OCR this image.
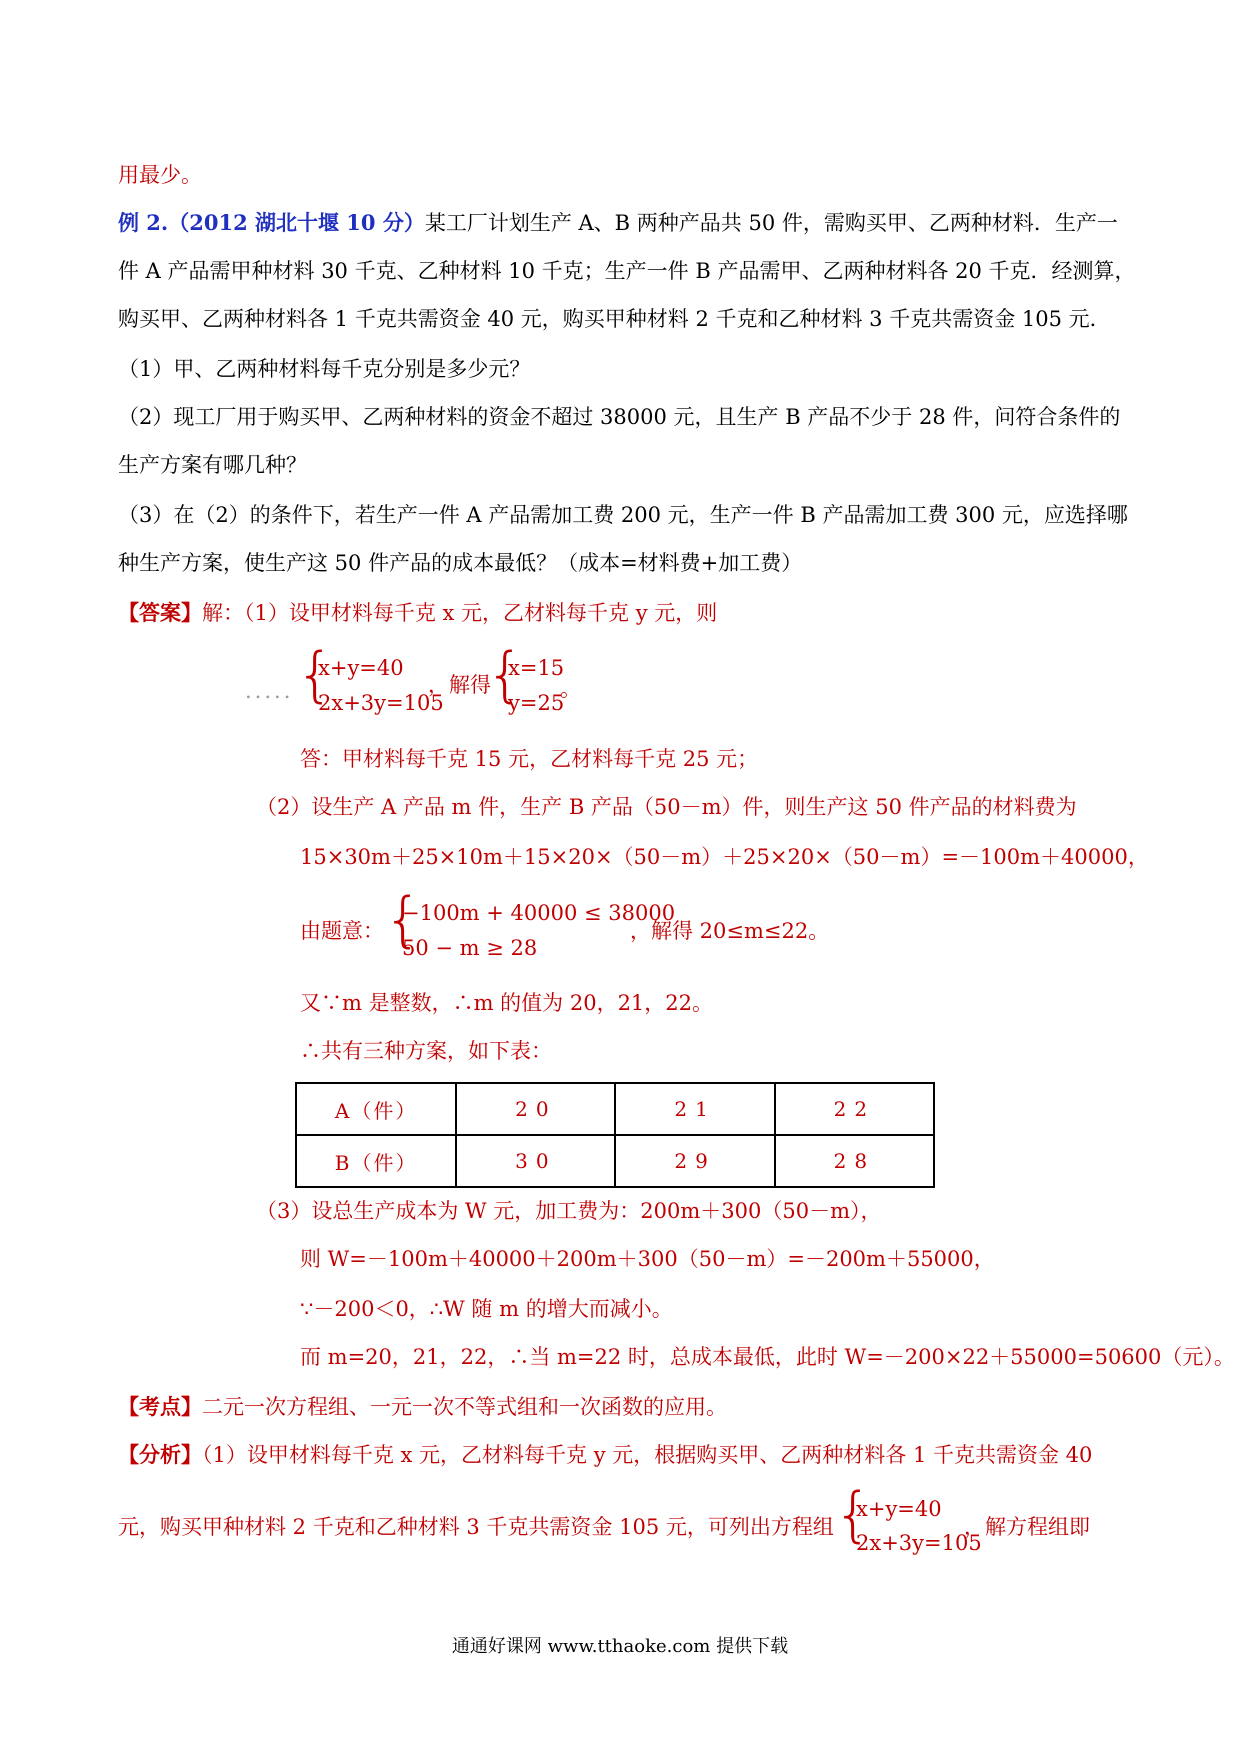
用最少。
例 2.（2012 湖北十堰 10 分）某工厂计划生产 A、B 两种产品共 50 件，需购买甲、乙两种材料．生产一
件 A 产品需甲种材料 30 千克、乙种材料 10 千克；生产一件 B 产品需甲、乙两种材料各 20 千克．经测算，
购买甲、乙两种材料各 1 千克共需资金 40 元，购买甲种材料 2 千克和乙种材料 3 千克共需资金 105 元．
（1）甲、乙两种材料每千克分别是多少元？
（2）现工厂用于购买甲、乙两种材料的资金不超过 38000 元，且生产 B 产品不少于 28 件，问符合条件的
生产方案有哪几种？
（3）在（2）的条件下，若生产一件 A 产品需加工费 200 元，生产一件 B 产品需加工费 300 元，应选择哪
种生产方案，使生产这 50 件产品的成本最低？（成本=材料费+加工费）
【答案】解：（1）设甲材料每千克 x 元，乙材料每千克 y 元，则
..... {
x+y=40
2x+3y=105
，解得
{
x=15
y=25
。
答：甲材料每千克 15 元，乙材料每千克 25 元；
（2）设生产 A 产品 m 件，生产 B 产品（50－m）件，则生产这 50 件产品的材料费为
15×30m＋25×10m＋15×20×（50－m）＋25×20×（50－m）=－100m＋40000，
由题意： {
−100m + 40000 ≤ 38000
50 − m ≥ 28
，解得 20≤m≤22。
又∵m 是整数，∴m 的值为 20，21，22。
∴共有三种方案，如下表：
A（件）	20	21	22
B（件）	30	29	28
（3）设总生产成本为 W 元，加工费为：200m＋300（50－m），
则 W=－100m＋40000＋200m＋300（50－m）=－200m＋55000，
∵－200＜0，∴W 随 m 的增大而减小。
而 m=20，21，22，∴当 m=22 时，总成本最低，此时 W=－200×22＋55000=50600（元）。
【考点】二元一次方程组、一元一次不等式组和一次函数的应用。
【分析】（1）设甲材料每千克 x 元，乙材料每千克 y 元，根据购买甲、乙两种材料各 1 千克共需资金 40
元，购买甲种材料 2 千克和乙种材料 3 千克共需资金 105 元，可列出方程组 {
x+y=40
2x+3y=105
，解方程组即
通通好课网 www.tthaoke.com 提供下载
